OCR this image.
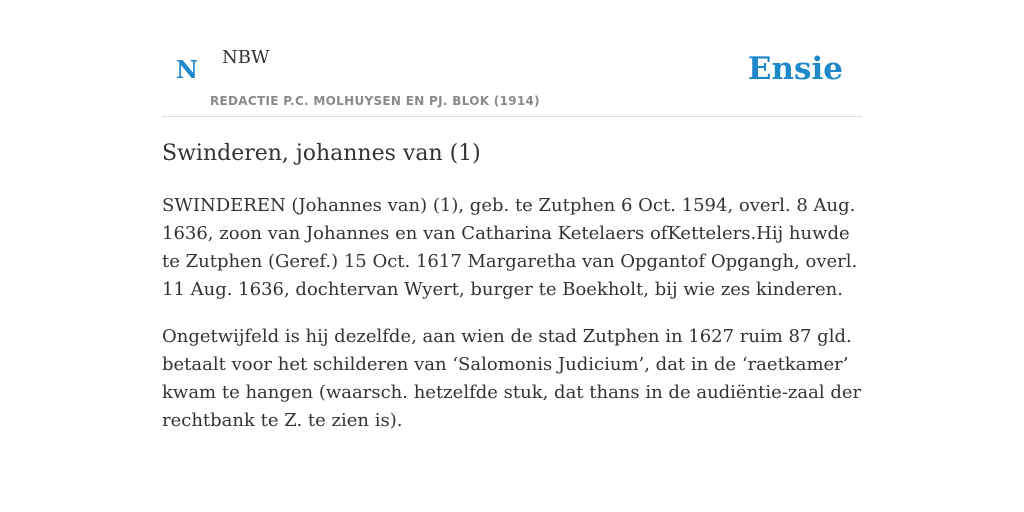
N NBW
REDACTIE P.C. MOLHUYSEN EN PJ. BLOK (1914)
Ensie
Swinderen, johannes van (1)

SWINDEREN (Johannes van) (1), geb. te Zutphen 6 Oct. 1594, overl. 8 Aug. 1636, zoon van Johannes en van Catharina Ketelaers ofKettelers.Hij huwde te Zutphen (Geref.) 15 Oct. 1617 Margaretha van Opgantof Opgangh, overl. 11 Aug. 1636, dochtervan Wyert, burger te Boekholt, bij wie zes kinderen.

Ongetwijfeld is hij dezelfde, aan wien de stad Zutphen in 1627 ruim 87 gld. betaalt voor het schilderen van ‘Salomonis Judicium’, dat in de ‘raetkamer’ kwam te hangen (waarsch. hetzelfde stuk, dat thans in de audiëntie-zaal der rechtbank te Z. te zien is).
